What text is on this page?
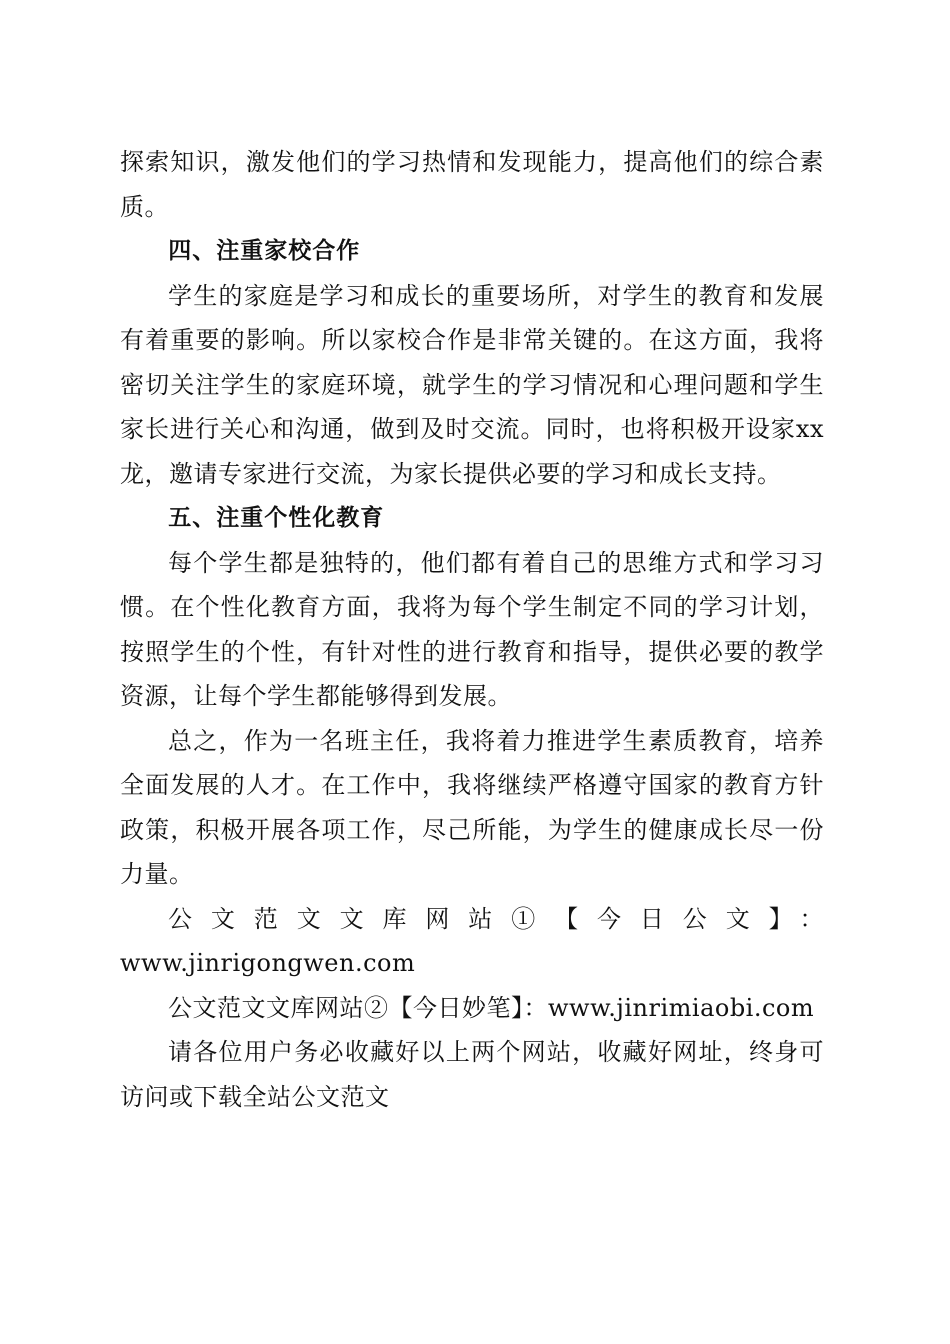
探索知识，激发他们的学习热情和发现能力，提高他们的综合素质。

四、注重家校合作

学生的家庭是学习和成长的重要场所，对学生的教育和发展有着重要的影响。所以家校合作是非常关键的。在这方面，我将密切关注学生的家庭环境，就学生的学习情况和心理问题和学生家长进行关心和沟通，做到及时交流。同时，也将积极开设家xx龙，邀请专家进行交流，为家长提供必要的学习和成长支持。

五、注重个性化教育

每个学生都是独特的，他们都有着自己的思维方式和学习习惯。在个性化教育方面，我将为每个学生制定不同的学习计划，按照学生的个性，有针对性的进行教育和指导，提供必要的教学资源，让每个学生都能够得到发展。

总之，作为一名班主任，我将着力推进学生素质教育，培养全面发展的人才。在工作中，我将继续严格遵守国家的教育方针政策，积极开展各项工作，尽己所能，为学生的健康成长尽一份力量。

公文范文文库网站①【今日公文】：

www.jinrigongwen.com

公文范文文库网站②【今日妙笔】：www.jinrimiaobi.com

请各位用户务必收藏好以上两个网站，收藏好网址，终身可访问或下载全站公文范文
